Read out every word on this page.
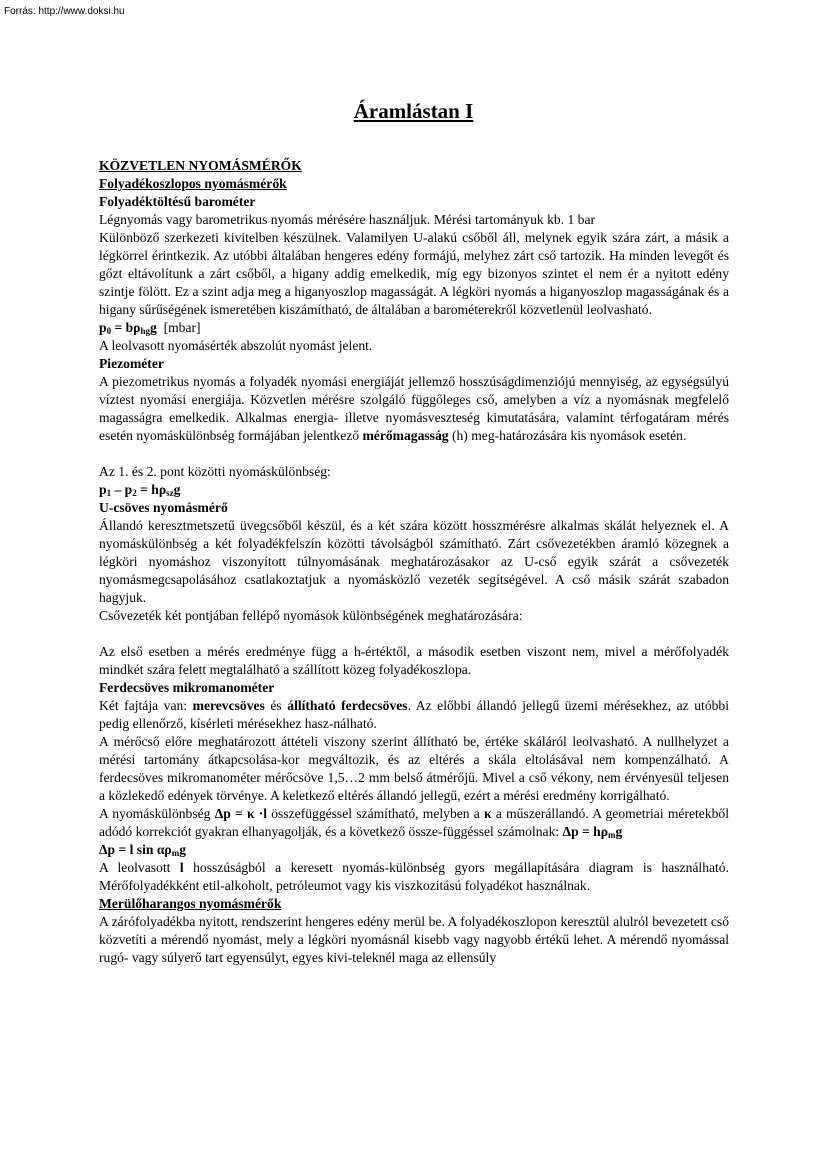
Forrás: http://www.doksi.hu
Áramlástan I

KÖZVETLEN NYOMÁSMÉRŐK

Folyadékoszlopos nyomásmérők

Folyadéktöltésű barométer

Légnyomás vagy barometrikus nyomás mérésére használjuk. Mérési tartományuk kb. 1 bar

Különböző szerkezeti kivitelben készülnek. Valamilyen U-alakú csőből áll, melynek egyik szára zárt, a másik a légkörrel érintkezik. Az utóbbi általában hengeres edény formájú, melyhez zárt cső tartozik. Ha minden levegőt és gőzt eltávolítunk a zárt csőből, a higany addig emelkedik, míg egy bizonyos szintet el nem ér a nyitott edény szintje fölött. Ez a szint adja meg a higanyoszlop magasságát. A légköri nyomás a higanyoszlop magasságának és a higany sűrűségének ismeretében kiszámítható, de általában a barométerekről közvetlenül leolvasható.

$p_0 = b\rho_{hg}g$ [mbar]

A leolvasott nyomásérték abszolút nyomást jelent.

Piezométer

A piezometrikus nyomás a folyadék nyomási energiáját jellemző hosszúságdimenziójú mennyiség, az egységsúlyú víztest nyomási energiája. Közvetlen mérésre szolgáló függőleges cső, amelyben a víz a nyomásnak megfelelő magasságra emelkedik. Alkalmas energia- illetve nyomásveszteség kimutatására, valamint térfogatáram mérés esetén nyomáskülönbség formájában jelentkező mérőmagasság (h) meg-határozására kis nyomások esetén.

Az 1. és 2. pont közötti nyomáskülönbség:

$p_1 - p_2 = h\rho_{sz}g$

U-csöves nyomásmérő

Állandó keresztmetszetű üvegcsőből készül, és a két szára között hosszmérésre alkalmas skálát helyeznek el. A nyomáskülönbség a két folyadékfelszín közötti távolságból számítható. Zárt csővezetékben áramló közegnek a légköri nyomáshoz viszonyított túlnyomásának meghatározásakor az U-cső egyik szárát a csővezeték nyomásmegcsapolásához csatlakoztatjuk a nyomásközlő vezeték segítségével. A cső másik szárát szabadon hagyjuk.

Csővezeték két pontjában fellépő nyomások különbségének meghatározására:

Az első esetben a mérés eredménye függ a h-értéktől, a második esetben viszont nem, mivel a mérőfolyadék mindkét szára felett megtalálható a szállított közeg folyadékoszlopa.

Ferdecsöves mikromanométer

Két fajtája van: merevcsöves és állítható ferdecsöves. Az előbbi állandó jellegű üzemi mérésekhez, az utóbbi pedig ellenőrző, kísérleti mérésekhez hasz-nálható.

A mérőcső előre meghatározott áttételi viszony szerint állítható be, értéke skáláról leolvasható. A nullhelyzet a mérési tartomány átkapcsolása-kor megváltozik, és az eltérés a skála eltolásával nem kompenzálható. A ferdecsöves mikromanométer mérőcsöve 1,5…2 mm belső átmérőjű. Mivel a cső vékony, nem érvényesül teljesen a közlekedő edények törvénye. A keletkező eltérés állandó jellegű, ezért a mérési eredmény korrigálható.

A nyomáskülönbség Δp = κ ·l összefüggéssel számítható, melyben a κ a műszerállandó. A geometriai méretekből adódó korrekciót gyakran elhanyagolják, és a következő össze-függéssel számolnak: $\Delta p = h\rho_mg$

Δp = l $\sin \alpha\rho_mg$

A leolvasott l hosszúságból a keresett nyomás-különbség gyors megállapítására diagram is használható. Mérőfolyadékként etil-alkoholt, petróleumot vagy kis viszkozitású folyadékot használnak.

Merülőharangos nyomásmérők

A zárófolyadékba nyitott, rendszerint hengeres edény merül be. A folyadékoszlopon keresztül alulról bevezetett cső közvetíti a mérendő nyomást, mely a légköri nyomásnál kisebb vagy nagyobb értékű lehet. A mérendő nyomással rugó- vagy súlyerő tart egyensúlyt, egyes kivi-teleknél maga az ellensúly
